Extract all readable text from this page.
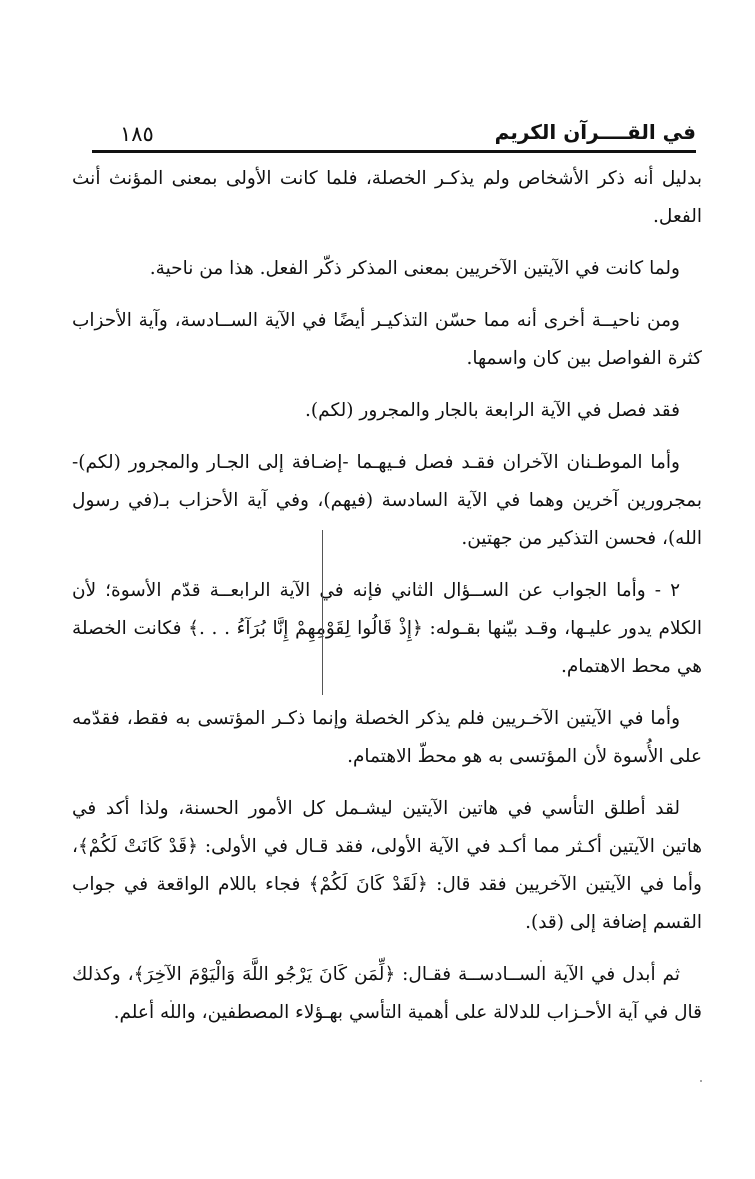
في القــــرآن الكريم
١٨٥

بدليل أنه ذكر الأشخاص ولم يذكـر الخصلة، فلما كانت الأولى بمعنى المؤنث أنث الفعل.

ولما كانت في الآيتين الآخريين بمعنى المذكر ذكّر الفعل. هذا من ناحية.

ومن ناحيــة أخرى أنه مما حسّن التذكيـر أيضًا في الآية الســادسة، وآية الأحزاب كثرة الفواصل بين كان واسمها.

فقد فصل في الآية الرابعة بالجار والمجرور (لكم).

وأما الموطـنان الآخران فقـد فصل فـيهـما -إضـافة إلى الجـار والمجرور (لكم)- بمجرورين آخرين وهما في الآية السادسة (فيهم)، وفي آية الأحزاب بـ(في رسول الله)، فحسن التذكير من جهتين.

٢ - وأما الجواب عن الســؤال الثاني فإنه في الآية الرابعــة قدّم الأسوة؛ لأن الكلام يدور عليـها، وقـد بيّنها بقـوله: ﴿إِذْ قَالُوا لِقَوْمِهِمْ إِنَّا بُرَآءُ . . .﴾ فكانت الخصلة هي محط الاهتمام.

وأما في الآيتين الآخـريين فلم يذكر الخصلة وإنما ذكـر المؤتسى به فقط، فقدّمه على الأُسوة لأن المؤتسى به هو محطّ الاهتمام.

لقد أطلق التأسي في هاتين الآيتين ليشـمل كل الأمور الحسنة، ولذا أكد في هاتين الآيتين أكـثر مما أكـد في الآية الأولى، فقد قـال في الأولى: ﴿قَدْ كَانَتْ لَكُمْ﴾، وأما في الآيتين الآخريين فقد قال: ﴿لَقَدْ كَانَ لَكُمْ﴾ فجاء باللام الواقعة في جواب القسم إضافة إلى (قد).

ثم أبدل في الآية الســادســة فقـال: ﴿لِّمَن كَانَ يَرْجُو اللَّهَ وَالْيَوْمَ الآخِرَ﴾، وكذلك قال في آية الأحـزاب للدلالة على أهمية التأسي بهـؤلاء المصطفين، والله أعلم.
